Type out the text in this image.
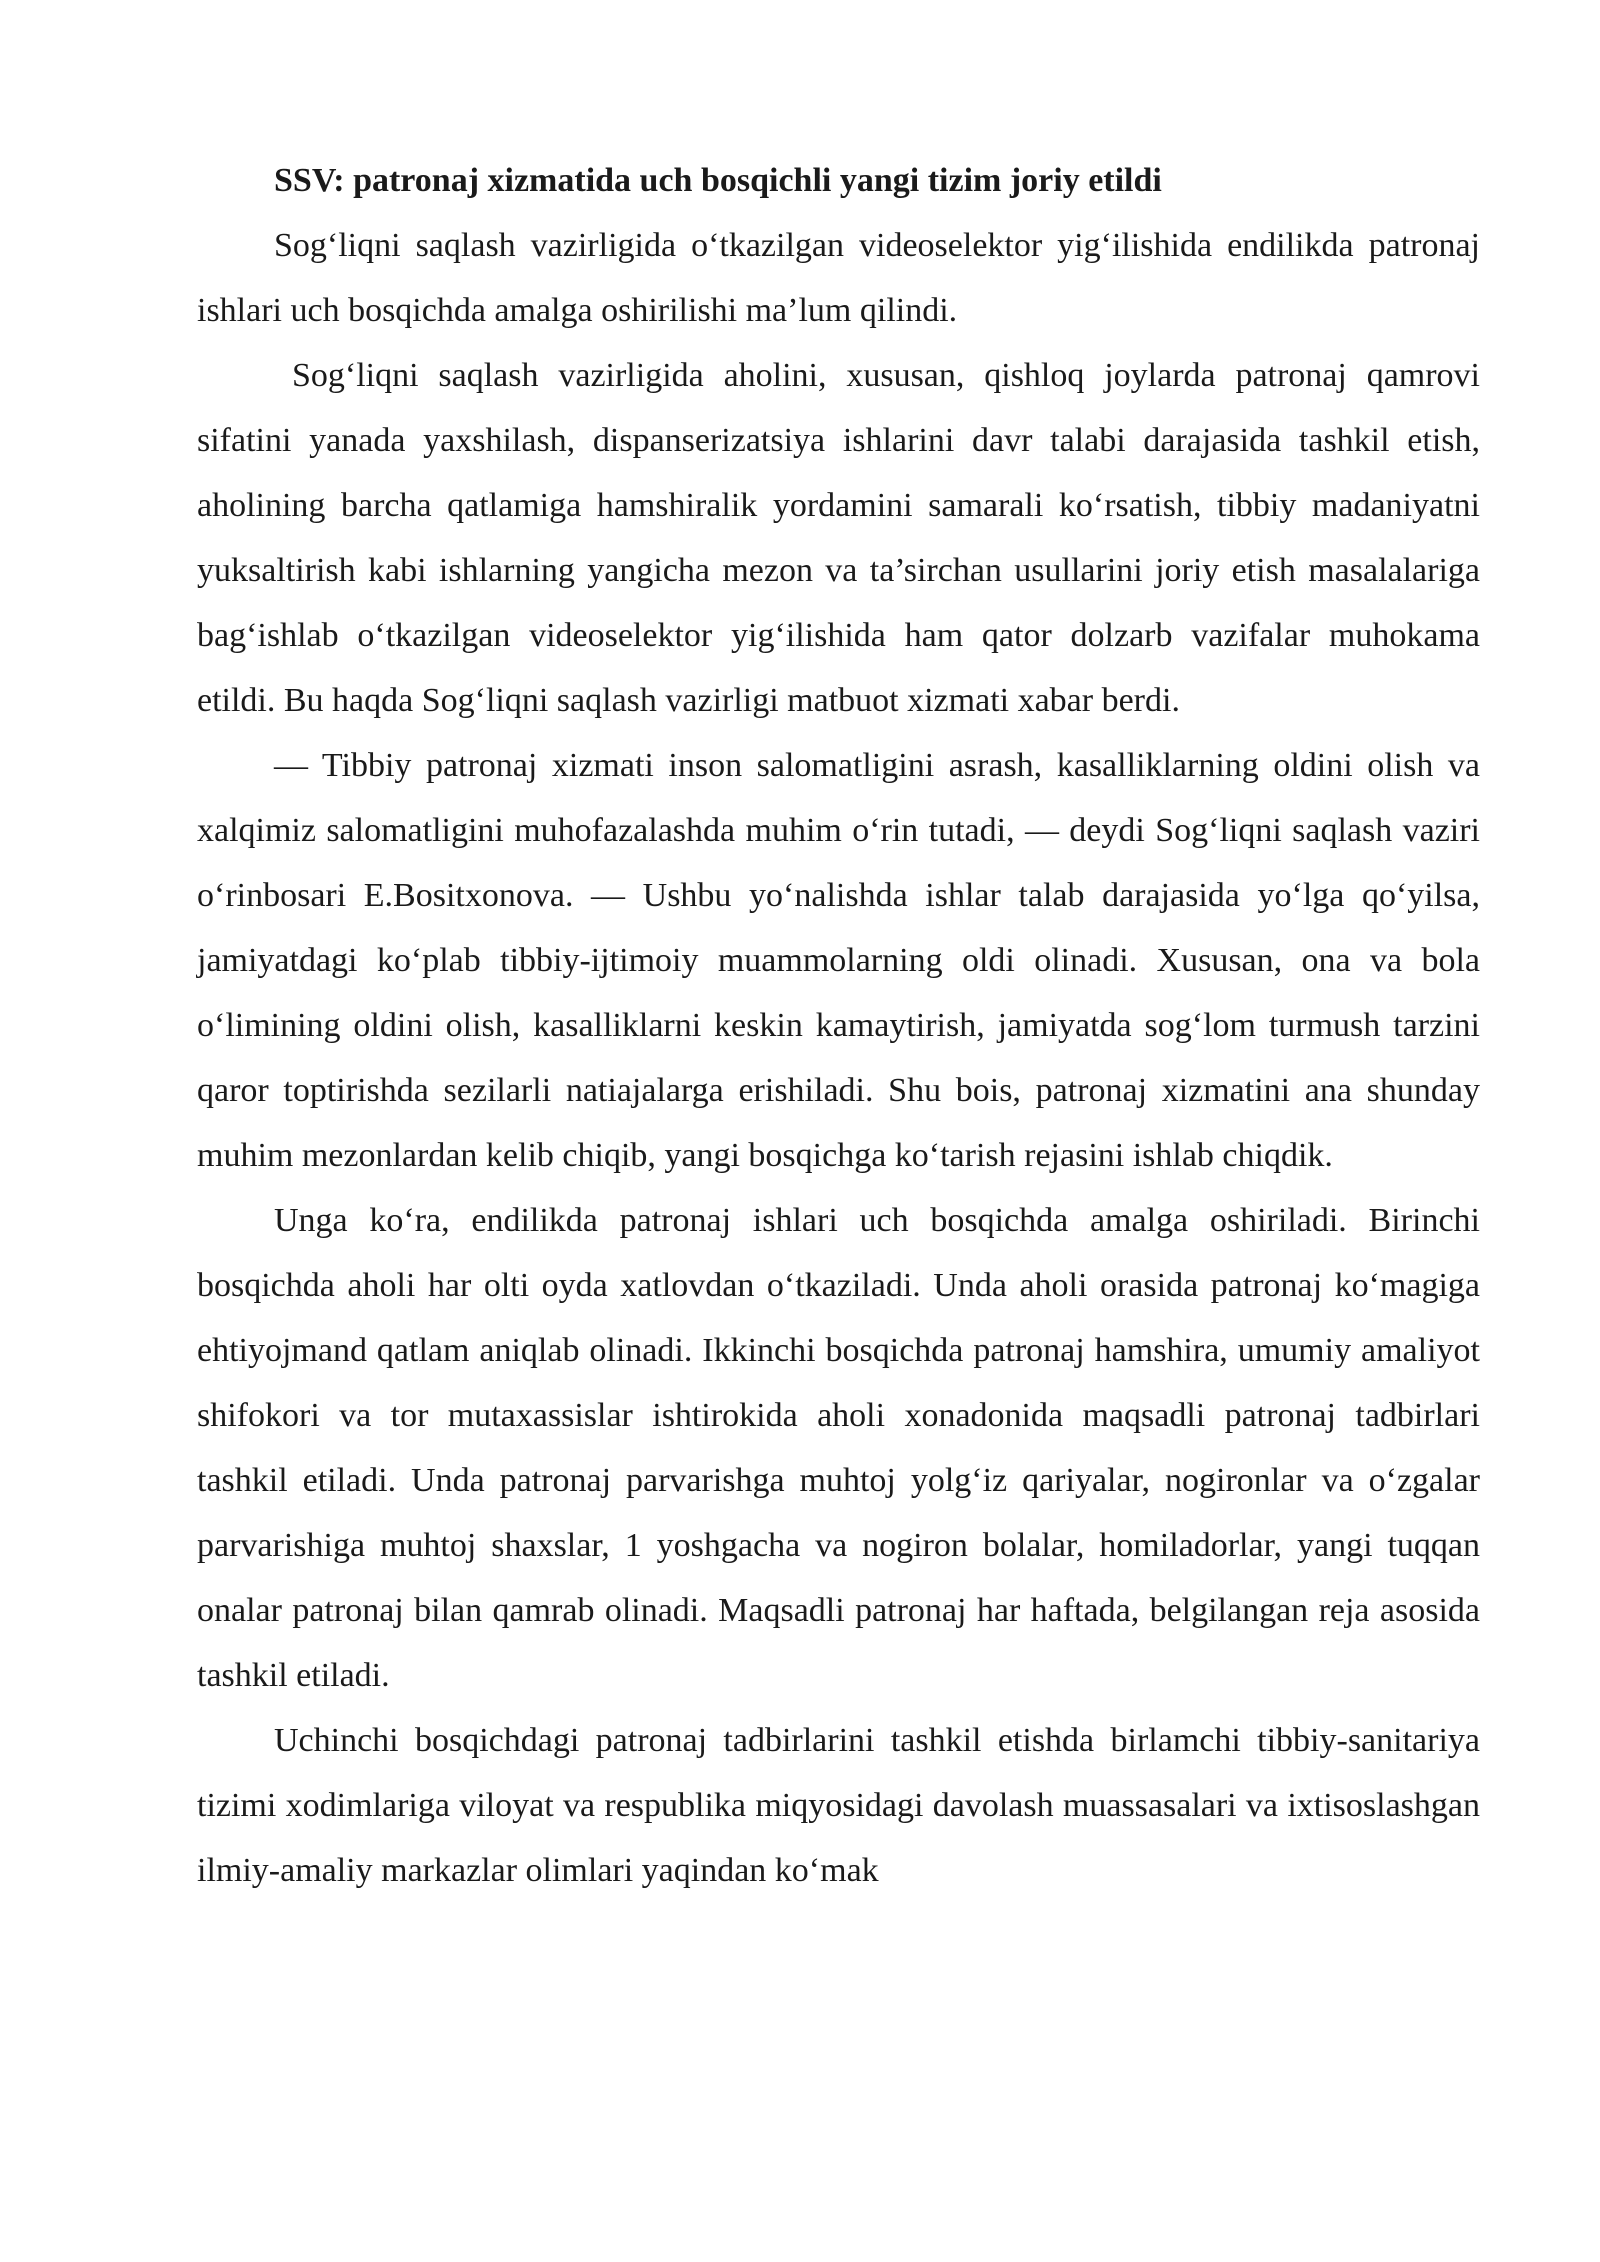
SSV: patronaj xizmatida uch bosqichli yangi tizim joriy etildi

Sog‘liqni saqlash vazirligida o‘tkazilgan videoselektor yig‘ilishida endilikda patronaj ishlari uch bosqichda amalga oshirilishi ma’lum qilindi.

Sog‘liqni saqlash vazirligida aholini, xususan, qishloq joylarda patronaj qamrovi sifatini yanada yaxshilash, dispanserizatsiya ishlarini davr talabi darajasida tashkil etish, aholining barcha qatlamiga hamshiralik yordamini samarali ko‘rsatish, tibbiy madaniyatni yuksaltirish kabi ishlarning yangicha mezon va ta’sirchan usullarini joriy etish masalalariga bag‘ishlab o‘tkazilgan videoselektor yig‘ilishida ham qator dolzarb vazifalar muhokama etildi. Bu haqda Sog‘liqni saqlash vazirligi matbuot xizmati xabar berdi.

— Tibbiy patronaj xizmati inson salomatligini asrash, kasalliklarning oldini olish va xalqimiz salomatligini muhofazalashda muhim o‘rin tutadi, — deydi Sog‘liqni saqlash vaziri o‘rinbosari E.Bositxonova. — Ushbu yo‘nalishda ishlar talab darajasida yo‘lga qo‘yilsa, jamiyatdagi ko‘plab tibbiy-ijtimoiy muammolarning oldi olinadi. Xususan, ona va bola o‘limining oldini olish, kasalliklarni keskin kamaytirish, jamiyatda sog‘lom turmush tarzini qaror toptirishda sezilarli natiajalarga erishiladi. Shu bois, patronaj xizmatini ana shunday muhim mezonlardan kelib chiqib, yangi bosqichga ko‘tarish rejasini ishlab chiqdik.

Unga ko‘ra, endilikda patronaj ishlari uch bosqichda amalga oshiriladi. Birinchi bosqichda aholi har olti oyda xatlovdan o‘tkaziladi. Unda aholi orasida patronaj ko‘magiga ehtiyojmand qatlam aniqlab olinadi. Ikkinchi bosqichda patronaj hamshira, umumiy amaliyot shifokori va tor mutaxassislar ishtirokida aholi xonadonida maqsadli patronaj tadbirlari tashkil etiladi. Unda patronaj parvarishga muhtoj yolg‘iz qariyalar, nogironlar va o‘zgalar parvarishiga muhtoj shaxslar, 1 yoshgacha va nogiron bolalar, homiladorlar, yangi tuqqan onalar patronaj bilan qamrab olinadi. Maqsadli patronaj har haftada, belgilangan reja asosida tashkil etiladi.

Uchinchi bosqichdagi patronaj tadbirlarini tashkil etishda birlamchi tibbiy-sanitariya tizimi xodimlariga viloyat va respublika miqyosidagi davolash muassasalari va ixtisoslashgan ilmiy-amaliy markazlar olimlari yaqindan ko‘mak
